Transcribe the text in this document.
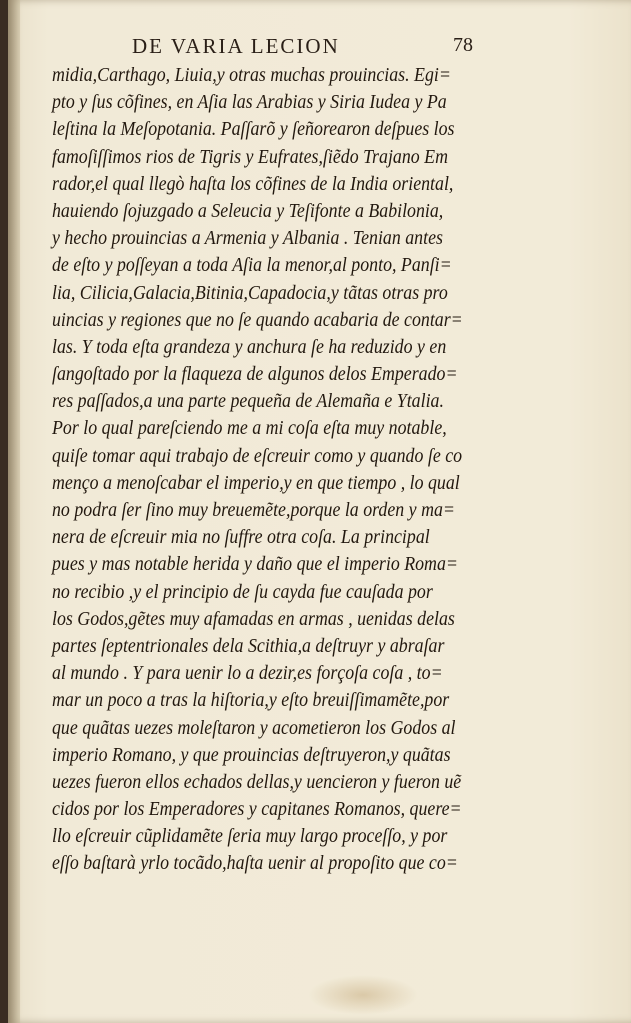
DE VARIA LECION	78
midia,Carthago, Liuia,y otras muchas prouincias. Egi=
pto y ſus cõfines, en Aſia las Arabias y Siria Iudea y Pa
leſtina la Meſopotania. Paſſarõ y ſeñorearon deſpues los
famoſiſſimos rios de Tigris y Eufrates,ſiẽdo Trajano Em
rador,el qual llegò haſta los cõfines de la India oriental,
hauiendo ſojuzgado a Seleucia y Teſifonte a Babilonia,
y hecho prouincias a Armenia y Albania . Tenian antes
de eſto y poſſeyan a toda Aſia la menor,al ponto, Panſi=
lia, Cilicia,Galacia,Bitinia,Capadocia,y tãtas otras pro
uincias y regiones que no ſe quando acabaria de contar=
las. Y toda eſta grandeza y anchura ſe ha reduzido y en
ſangoſtado por la flaqueza de algunos delos Emperado=
res paſſados,a una parte pequeña de Alemaña e Ytalia.
Por lo qual pareſciendo me a mi coſa eſta muy notable,
quiſe tomar aqui trabajo de eſcreuir como y quando ſe co
menço a menoſcabar el imperio,y en que tiempo , lo qual
no podra ſer ſino muy breuemẽte,porque la orden y ma=
nera de eſcreuir mia no ſuffre otra coſa. La principal
pues y mas notable herida y daño que el imperio Roma=
no recibio ,y el principio de ſu cayda fue cauſada por
los Godos,gẽtes muy afamadas en armas , uenidas delas
partes ſeptentrionales dela Scithia,a deſtruyr y abraſar
al mundo . Y para uenir lo a dezir,es forçoſa coſa , to=
mar un poco a tras la hiſtoria,y eſto breuiſſimamẽte,por
que quãtas uezes moleſtaron y acometieron los Godos al
imperio Romano, y que prouincias deſtruyeron,y quãtas
uezes fueron ellos echados dellas,y uencieron y fueron uẽ
cidos por los Emperadores y capitanes Romanos, quere=
llo eſcreuir cũplidamẽte ſeria muy largo proceſſo, y por
eſſo baſtarà yrlo tocãdo,haſta uenir al propoſito que co=
